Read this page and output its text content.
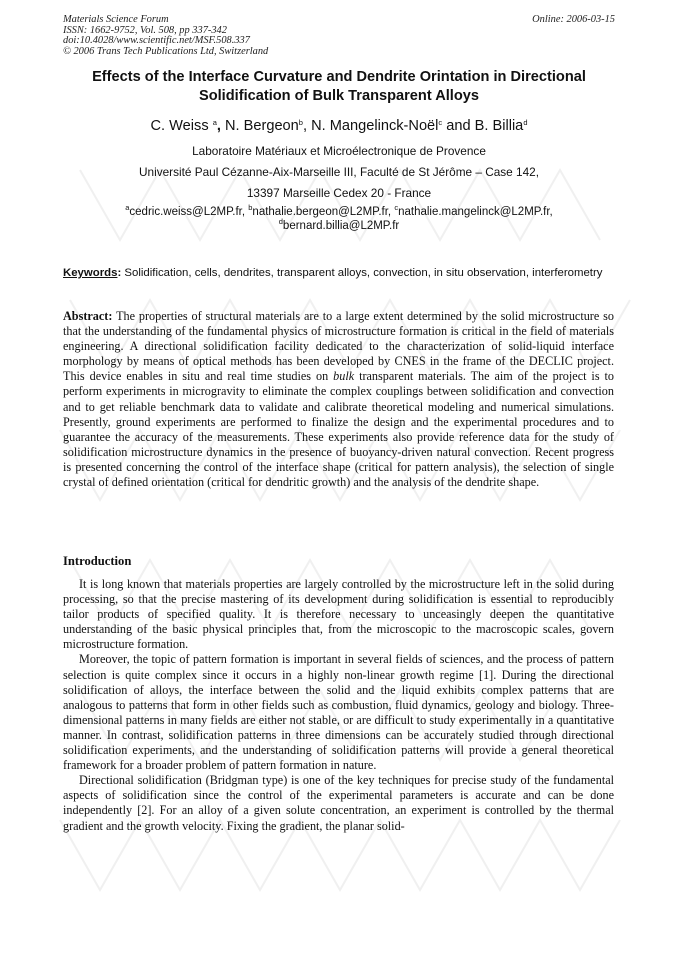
Materials Science Forum
ISSN: 1662-9752, Vol. 508, pp 337-342
doi:10.4028/www.scientific.net/MSF.508.337
© 2006 Trans Tech Publications Ltd, Switzerland
Online: 2006-03-15
Effects of the Interface Curvature and Dendrite Orintation in Directional
Solidification of Bulk Transparent Alloys
C. Weiss $^a$, N. Bergeon$^b$, N. Mangelinck-Noël$^c$ and B. Billia$^d$
Laboratoire Matériaux et Microélectronique de Provence
Université Paul Cézanne-Aix-Marseille III, Faculté de St Jérôme – Case 142,
13397 Marseille Cedex 20 - France
$^a$cedric.weiss@L2MP.fr, $^b$nathalie.bergeon@L2MP.fr, $^c$nathalie.mangelinck@L2MP.fr,
$^d$bernard.billia@L2MP.fr
Keywords: Solidification, cells, dendrites, transparent alloys, convection, in situ observation, interferometry
Abstract: The properties of structural materials are to a large extent determined by the solid microstructure so that the understanding of the fundamental physics of microstructure formation is critical in the field of materials engineering. A directional solidification facility dedicated to the characterization of solid-liquid interface morphology by means of optical methods has been developed by CNES in the frame of the DECLIC project. This device enables in situ and real time studies on bulk transparent materials. The aim of the project is to perform experiments in microgravity to eliminate the complex couplings between solidification and convection and to get reliable benchmark data to validate and calibrate theoretical modeling and numerical simulations. Presently, ground experiments are performed to finalize the design and the experimental procedures and to guarantee the accuracy of the measurements. These experiments also provide reference data for the study of solidification microstructure dynamics in the presence of buoyancy-driven natural convection. Recent progress is presented concerning the control of the interface shape (critical for pattern analysis), the selection of single crystal of defined orientation (critical for dendritic growth) and the analysis of the dendrite shape.
Introduction

It is long known that materials properties are largely controlled by the microstructure left in the solid during processing, so that the precise mastering of its development during solidification is essential to reproducibly tailor products of specified quality. It is therefore necessary to unceasingly deepen the quantitative understanding of the basic physical principles that, from the microscopic to the macroscopic scales, govern microstructure formation.

Moreover, the topic of pattern formation is important in several fields of sciences, and the process of pattern selection is quite complex since it occurs in a highly non-linear growth regime [1]. During the directional solidification of alloys, the interface between the solid and the liquid exhibits complex patterns that are analogous to patterns that form in other fields such as combustion, fluid dynamics, geology and biology. Three-dimensional patterns in many fields are either not stable, or are difficult to study experimentally in a quantitative manner. In contrast, solidification patterns in three dimensions can be accurately studied through directional solidification experiments, and the understanding of solidification patterns will provide a general theoretical framework for a broader problem of pattern formation in nature.

Directional solidification (Bridgman type) is one of the key techniques for precise study of the fundamental aspects of solidification since the control of the experimental parameters is accurate and can be done independently [2]. For an alloy of a given solute concentration, an experiment is controlled by the thermal gradient and the growth velocity. Fixing the gradient, the planar solid-
